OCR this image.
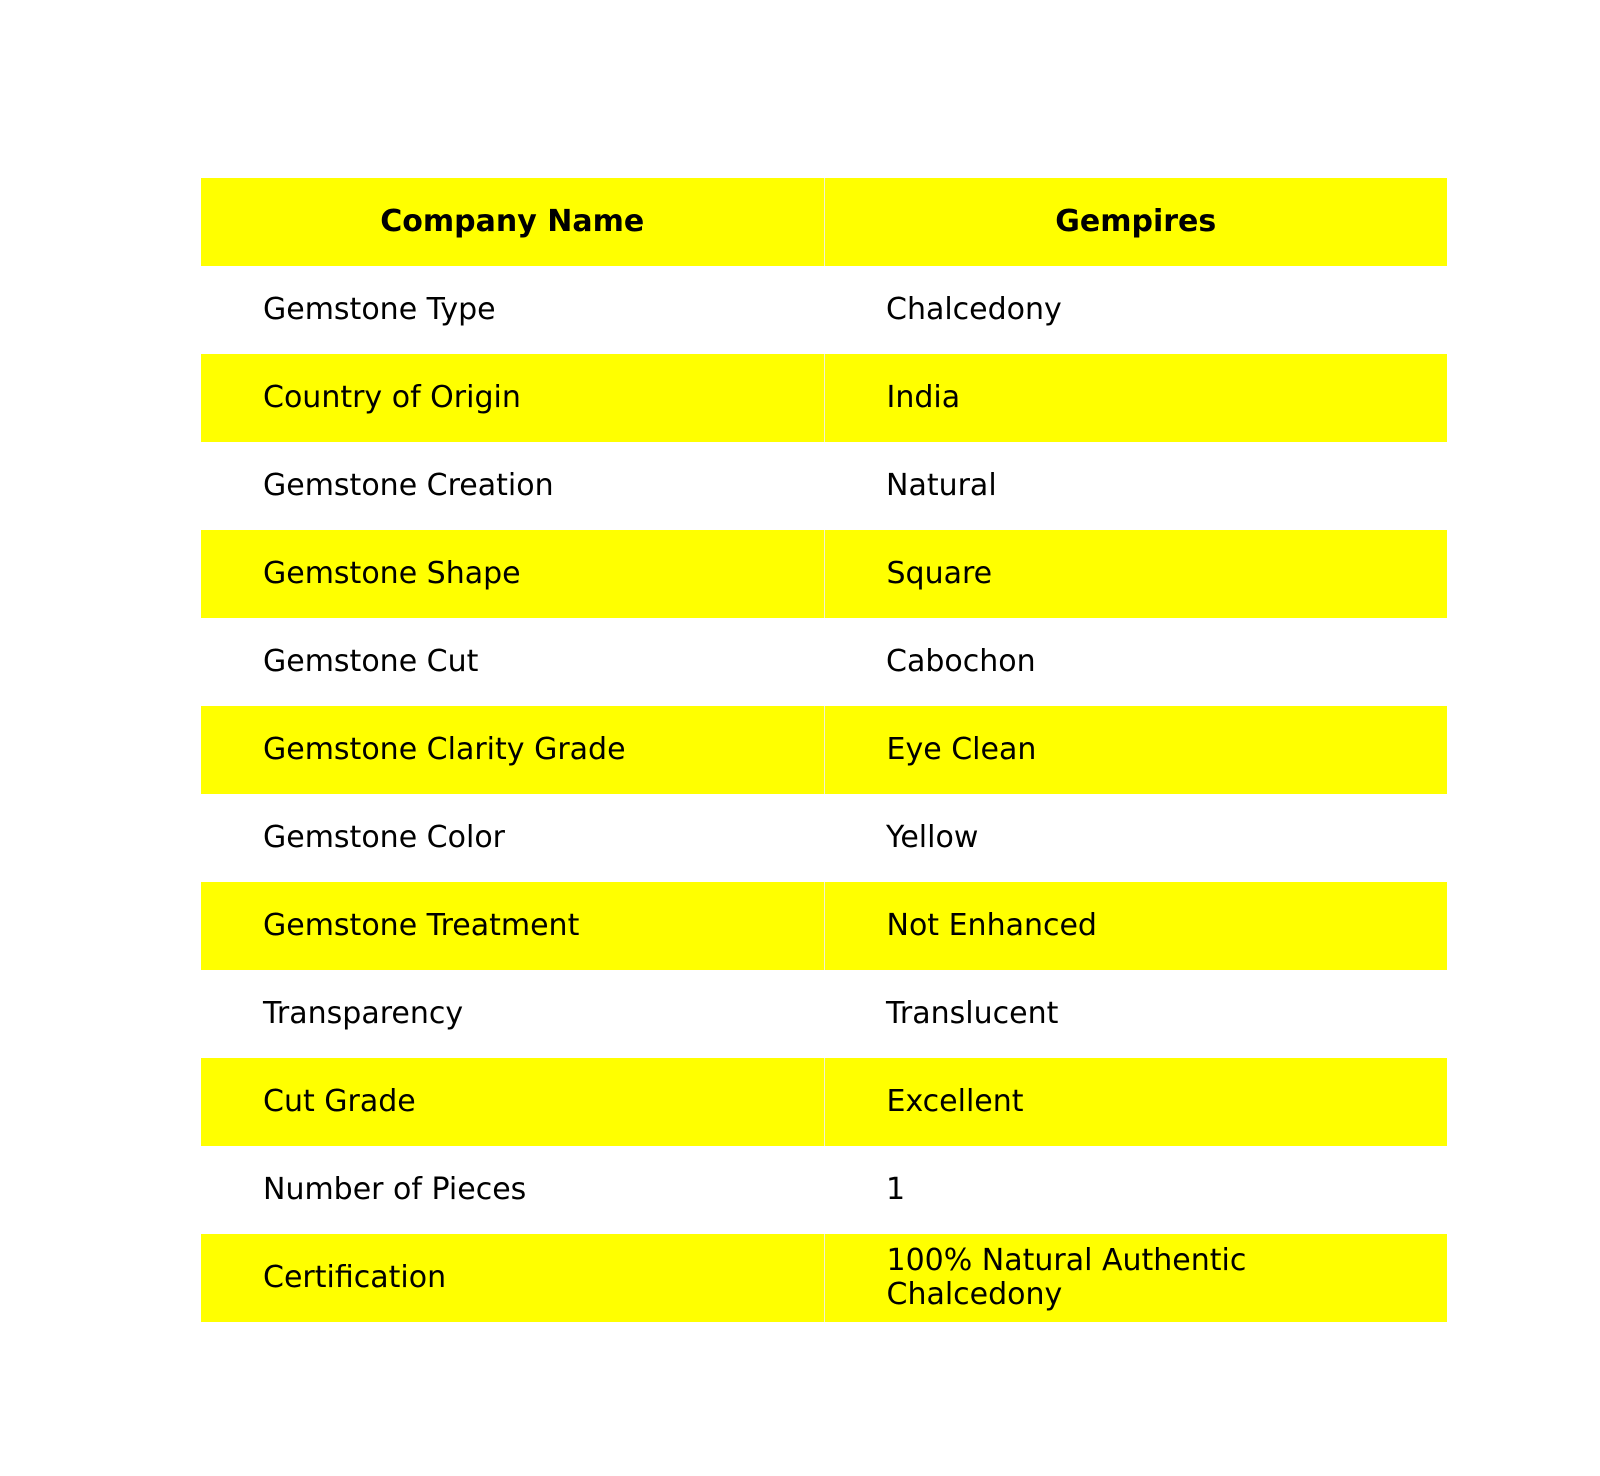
Company Name	Gempires
Gemstone Type	Chalcedony
Country of Origin	India
Gemstone Creation	Natural
Gemstone Shape	Square
Gemstone Cut	Cabochon
Gemstone Clarity Grade	Eye Clean
Gemstone Color	Yellow
Gemstone Treatment	Not Enhanced
Transparency	Translucent
Cut Grade	Excellent
Number of Pieces	1
Certification	100% Natural Authentic Chalcedony
